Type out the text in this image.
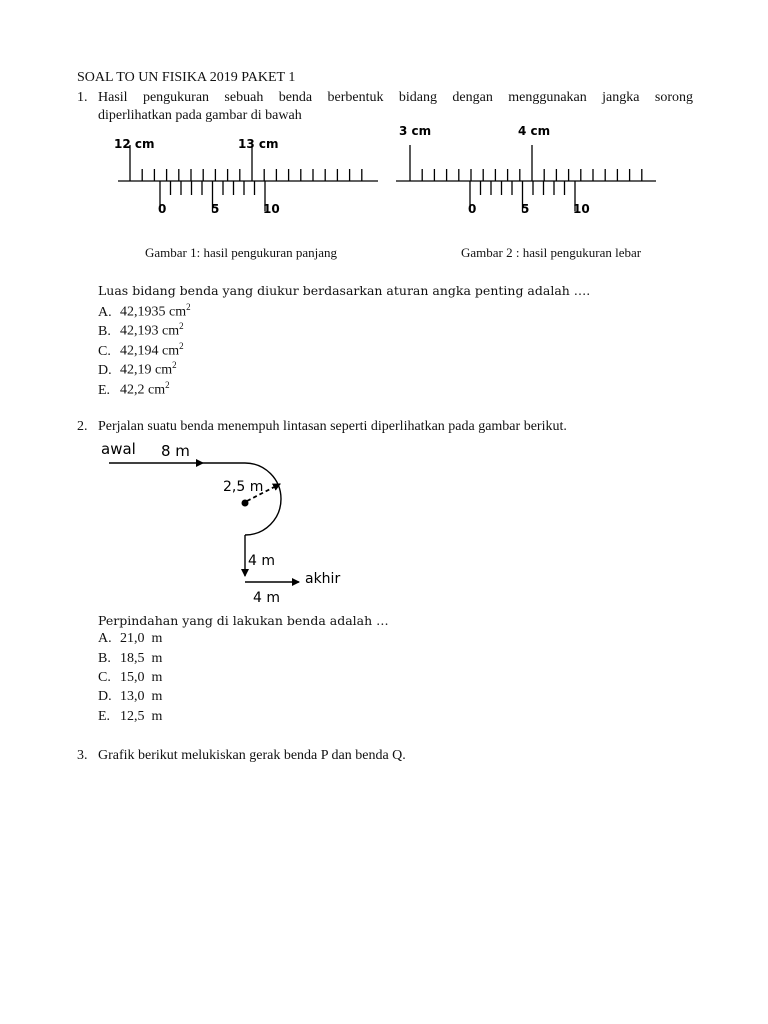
SOAL TO UN FISIKA 2019 PAKET 1
1. Hasil pengukuran sebuah benda berbentuk bidang dengan menggunakan jangka sorong
diperlihatkan pada gambar di bawah
12 cm	13 cm
0	5	10
3 cm	4 cm
0	5	10
Gambar 1: hasil pengukuran panjang	Gambar 2 : hasil pengukuran lebar
Luas bidang benda yang diukur berdasarkan aturan angka penting adalah ….
A. 42,1935 $cm^2$
B. 42,193 $cm^2$
C. 42,194 $cm^2$
D. 42,19 $cm^2$
E. 42,2 $cm^2$
2. Perjalan suatu benda menempuh lintasan seperti diperlihatkan pada gambar berikut.
awal 8 m
2,5 m
4 m
akhir
4 m
Perpindahan yang di lakukan benda adalah …
A. 21,0  m
B. 18,5  m
C. 15,0  m
D. 13,0  m
E. 12,5  m
3. Grafik berikut melukiskan gerak benda P dan benda Q.
